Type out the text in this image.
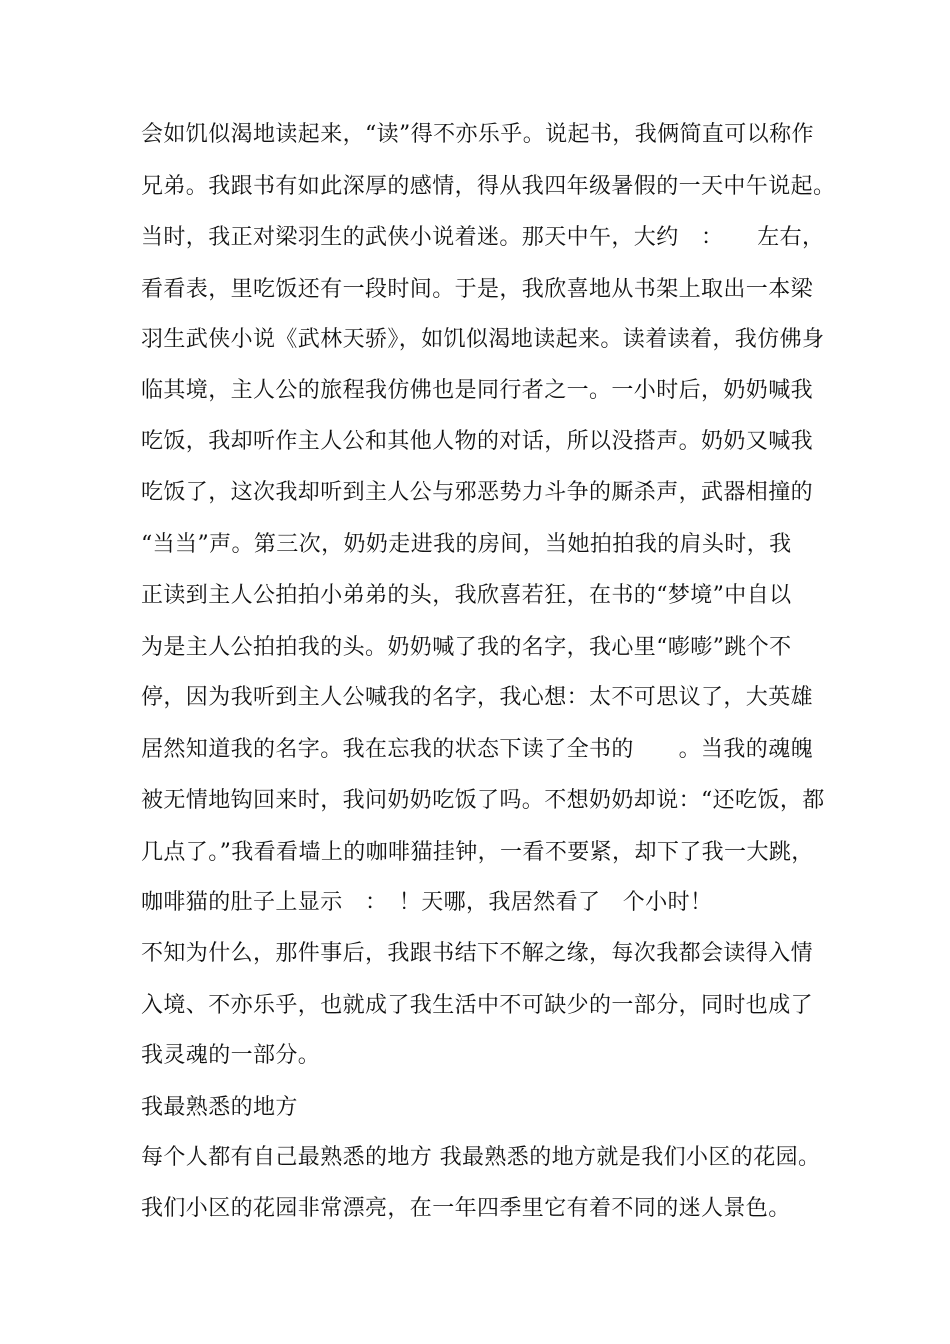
会如饥似渴地读起来，“读”得不亦乐乎。说起书，我俩简直可以称作
兄弟。我跟书有如此深厚的感情，得从我四年级暑假的一天中午说起。
当时，我正对梁羽生的武侠小说着迷。那天中午，大约　：　　左右，
看看表，里吃饭还有一段时间。于是，我欣喜地从书架上取出一本梁
羽生武侠小说《武林天骄》，如饥似渴地读起来。读着读着，我仿佛身
临其境，主人公的旅程我仿佛也是同行者之一。一小时后，奶奶喊我
吃饭，我却听作主人公和其他人物的对话，所以没搭声。奶奶又喊我
吃饭了，这次我却听到主人公与邪恶势力斗争的厮杀声，武器相撞的
“当当”声。第三次，奶奶走进我的房间，当她拍拍我的肩头时，我
正读到主人公拍拍小弟弟的头，我欣喜若狂，在书的“梦境”中自以
为是主人公拍拍我的头。奶奶喊了我的名字，我心里“嘭嘭”跳个不
停，因为我听到主人公喊我的名字，我心想：太不可思议了，大英雄
居然知道我的名字。我在忘我的状态下读了全书的　　。当我的魂魄
被无情地钩回来时，我问奶奶吃饭了吗。不想奶奶却说：“还吃饭，都
几点了。”我看看墙上的咖啡猫挂钟，一看不要紧，却下了我一大跳，
咖啡猫的肚子上显示　：　！天哪，我居然看了　个小时！
不知为什么，那件事后，我跟书结下不解之缘，每次我都会读得入情
入境、不亦乐乎，也就成了我生活中不可缺少的一部分，同时也成了
我灵魂的一部分。
我最熟悉的地方
每个人都有自己最熟悉的地方 我最熟悉的地方就是我们小区的花园。
我们小区的花园非常漂亮，在一年四季里它有着不同的迷人景色。
